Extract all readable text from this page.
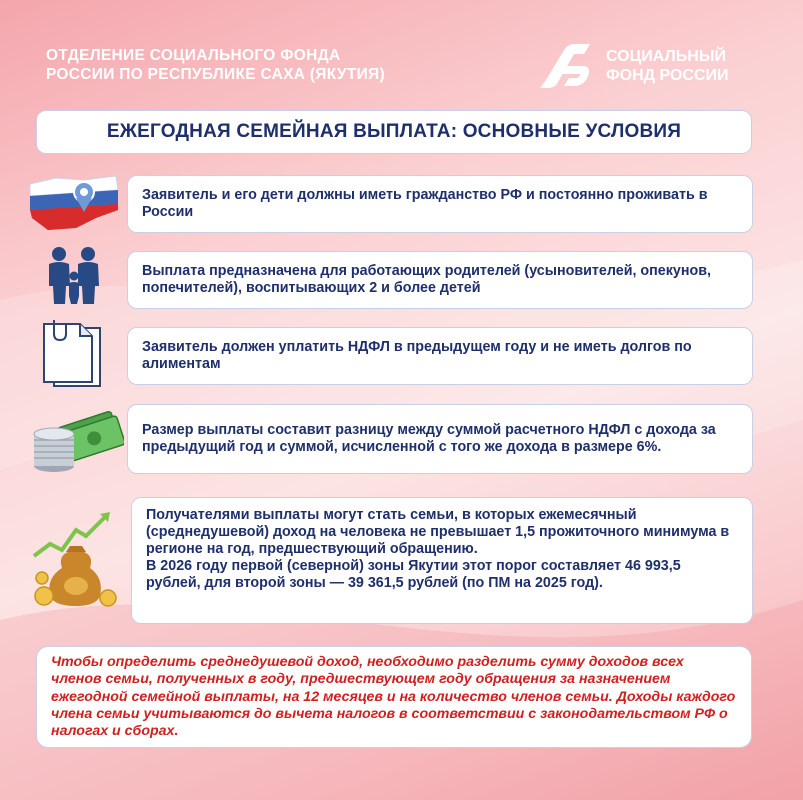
ОТДЕЛЕНИЕ СОЦИАЛЬНОГО ФОНДА
РОССИИ ПО РЕСПУБЛИКЕ САХА (ЯКУТИЯ)
СОЦИАЛЬНЫЙ
ФОНД РОССИИ
ЕЖЕГОДНАЯ СЕМЕЙНАЯ ВЫПЛАТА: ОСНОВНЫЕ УСЛОВИЯ
Заявитель и его дети должны иметь гражданство РФ и постоянно проживать в России
Выплата предназначена для работающих родителей (усыновителей, опекунов, попечителей), воспитывающих 2 и более детей
Заявитель должен уплатить НДФЛ в предыдущем году и не иметь долгов по алиментам
Размер выплаты составит разницу между суммой расчетного НДФЛ с дохода за предыдущий год и суммой, исчисленной с того же дохода в размере 6%.
Получателями выплаты могут стать семьи, в которых ежемесячный (среднедушевой) доход на человека не превышает 1,5 прожиточного минимума в регионе на год, предшествующий обращению.
В 2026 году первой (северной) зоны Якутии этот порог составляет 46 993,5 рублей, для второй зоны — 39 361,5 рублей (по ПМ на 2025 год).
Чтобы определить среднедушевой доход, необходимо разделить сумму доходов всех членов семьи, полученных в году, предшествующем году обращения за назначением ежегодной семейной выплаты, на 12 месяцев и на количество членов семьи. Доходы каждого члена семьи учитываются до вычета налогов в соответствии с законодательством РФ о налогах и сборах.
